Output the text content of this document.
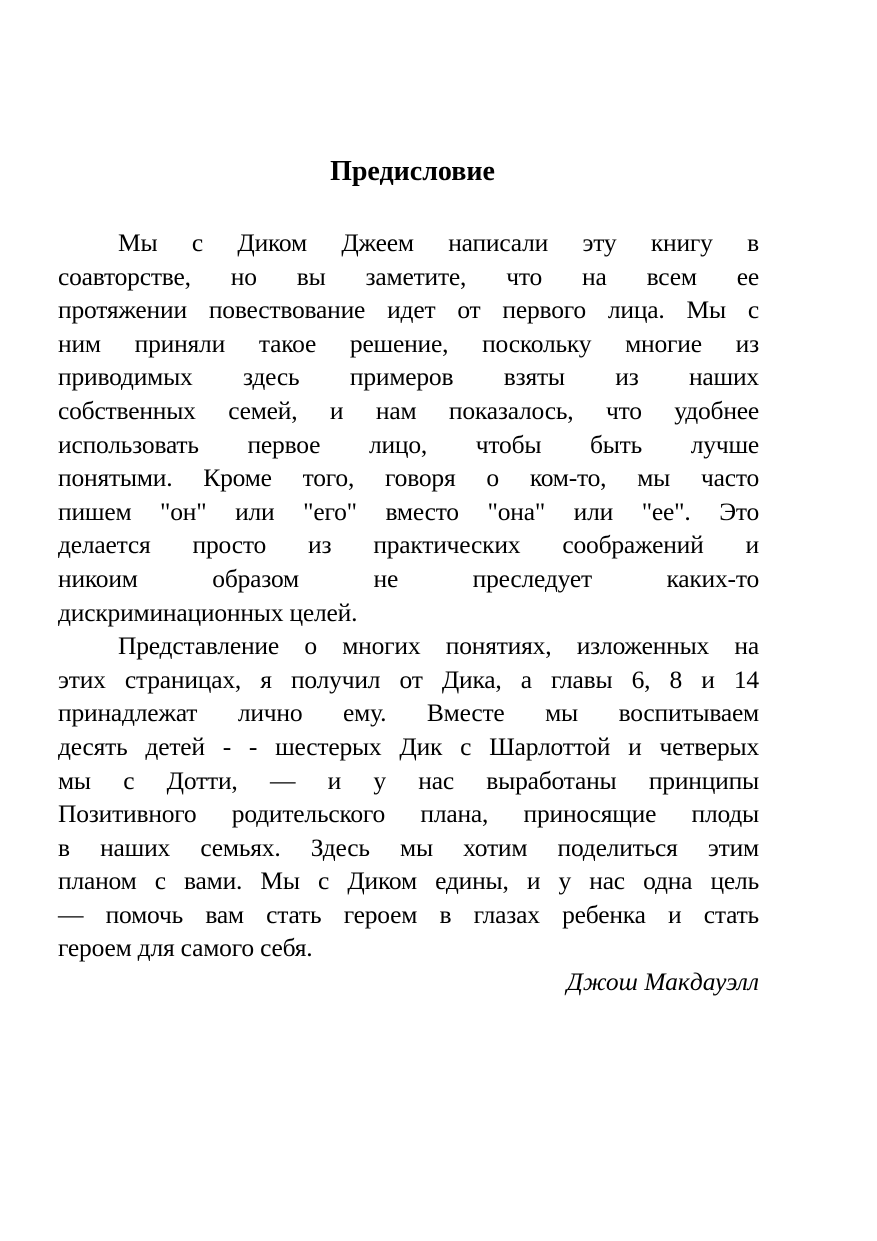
Предисловие

Мы с Диком Джеем написали эту книгу в
соавторстве, но вы заметите, что на всем ее
протяжении повествование идет от первого лица. Мы с
ним приняли такое решение, поскольку многие из
приводимых здесь примеров взяты из наших
собственных семей, и нам показалось, что удобнее
использовать первое лицо, чтобы быть лучше
понятыми. Кроме того, говоря о ком-то, мы часто
пишем "он" или "его" вместо "она" или "ее". Это
делается просто из практических соображений и
никоим образом не преследует каких-то
дискриминационных целей.

Представление о многих понятиях, изложенных на
этих страницах, я получил от Дика, а главы 6, 8 и 14
принадлежат лично ему. Вместе мы воспитываем
десять детей - - шестерых Дик с Шарлоттой и четверых
мы с Дотти, — и у нас выработаны принципы
Позитивного родительского плана, приносящие плоды
в наших семьях. Здесь мы хотим поделиться этим
планом с вами. Мы с Диком едины, и у нас одна цель
— помочь вам стать героем в глазах ребенка и стать
героем для самого себя.

Джош Макдауэлл
